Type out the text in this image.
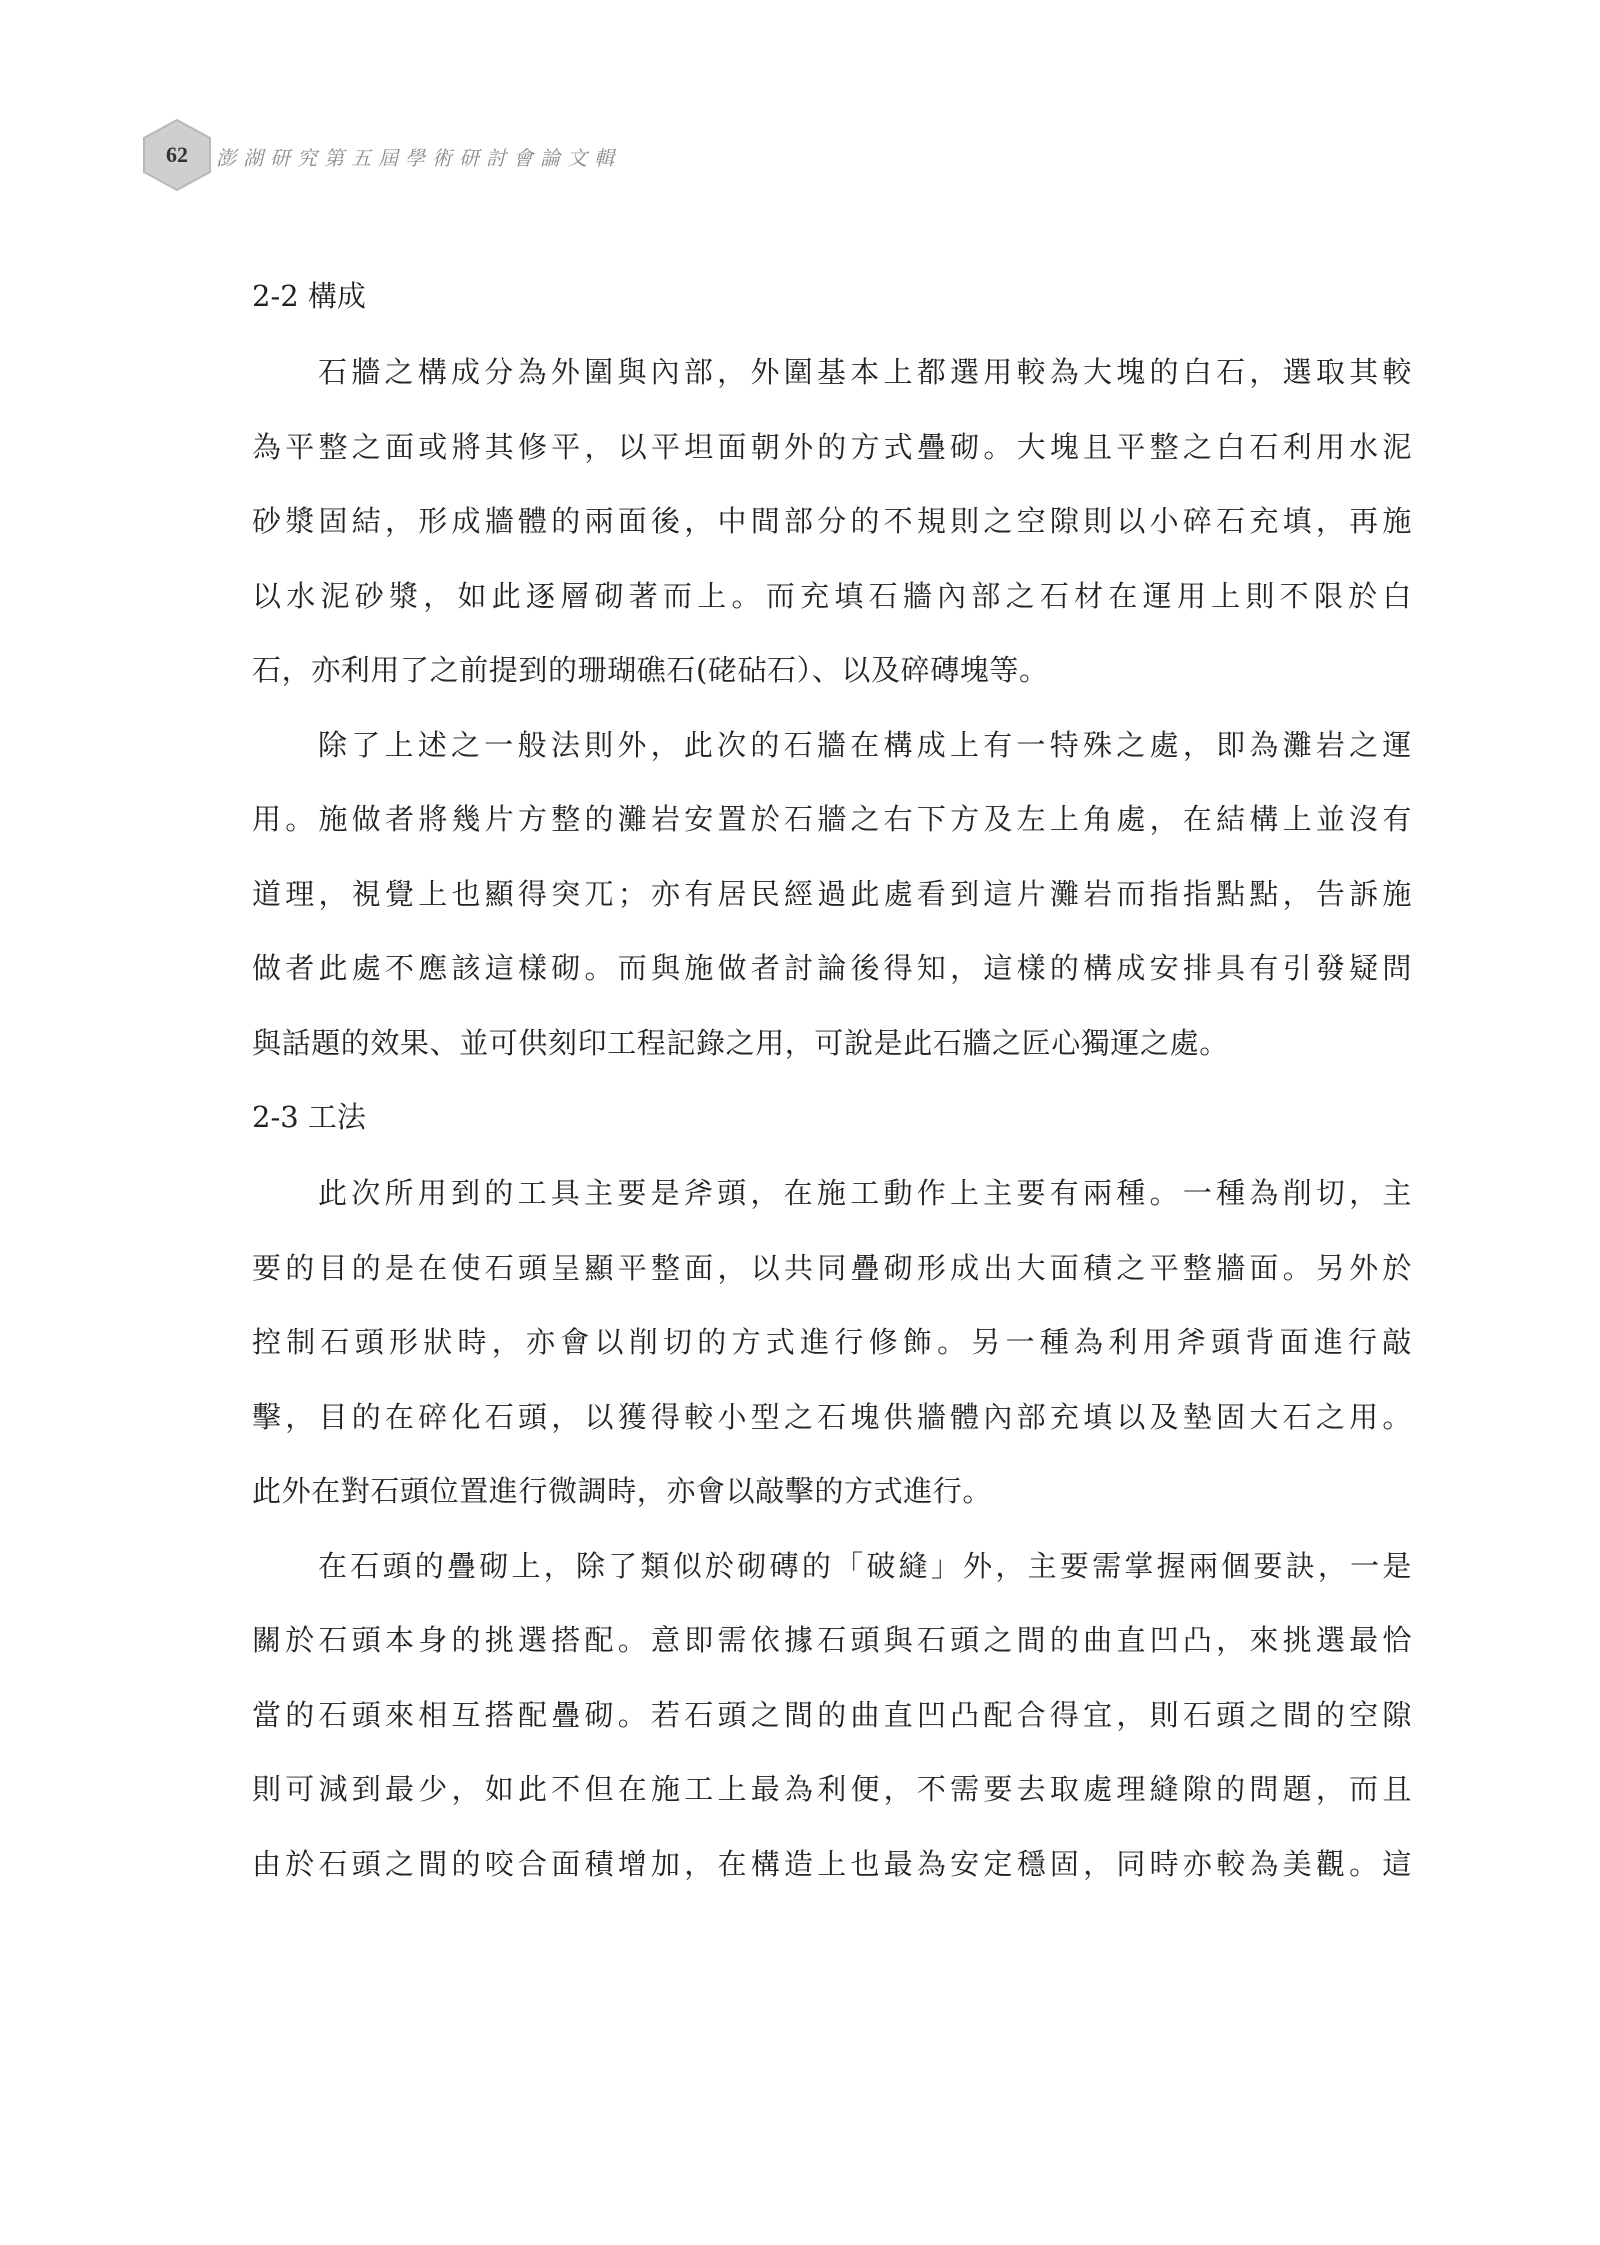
62	澎湖研究第五屆學術研討會論文輯
2-2 構成
石牆之構成分為外圍與內部，外圍基本上都選用較為大塊的白石，選取其較
為平整之面或將其修平，以平坦面朝外的方式疊砌。大塊且平整之白石利用水泥
砂漿固結，形成牆體的兩面後，中間部分的不規則之空隙則以小碎石充填，再施
以水泥砂漿，如此逐層砌著而上。而充填石牆內部之石材在運用上則不限於白
石，亦利用了之前提到的珊瑚礁石(硓砧石）、以及碎磚塊等。
除了上述之一般法則外，此次的石牆在構成上有一特殊之處，即為灘岩之運
用。施做者將幾片方整的灘岩安置於石牆之右下方及左上角處，在結構上並沒有
道理，視覺上也顯得突兀；亦有居民經過此處看到這片灘岩而指指點點，告訴施
做者此處不應該這樣砌。而與施做者討論後得知，這樣的構成安排具有引發疑問
與話題的效果、並可供刻印工程記錄之用，可說是此石牆之匠心獨運之處。
2-3 工法
此次所用到的工具主要是斧頭，在施工動作上主要有兩種。一種為削切，主
要的目的是在使石頭呈顯平整面，以共同疊砌形成出大面積之平整牆面。另外於
控制石頭形狀時，亦會以削切的方式進行修飾。另一種為利用斧頭背面進行敲
擊，目的在碎化石頭，以獲得較小型之石塊供牆體內部充填以及墊固大石之用。
此外在對石頭位置進行微調時，亦會以敲擊的方式進行。
在石頭的疊砌上，除了類似於砌磚的「破縫」外，主要需掌握兩個要訣，一是
關於石頭本身的挑選搭配。意即需依據石頭與石頭之間的曲直凹凸，來挑選最恰
當的石頭來相互搭配疊砌。若石頭之間的曲直凹凸配合得宜，則石頭之間的空隙
則可減到最少，如此不但在施工上最為利便，不需要去取處理縫隙的問題，而且
由於石頭之間的咬合面積增加，在構造上也最為安定穩固，同時亦較為美觀。這
